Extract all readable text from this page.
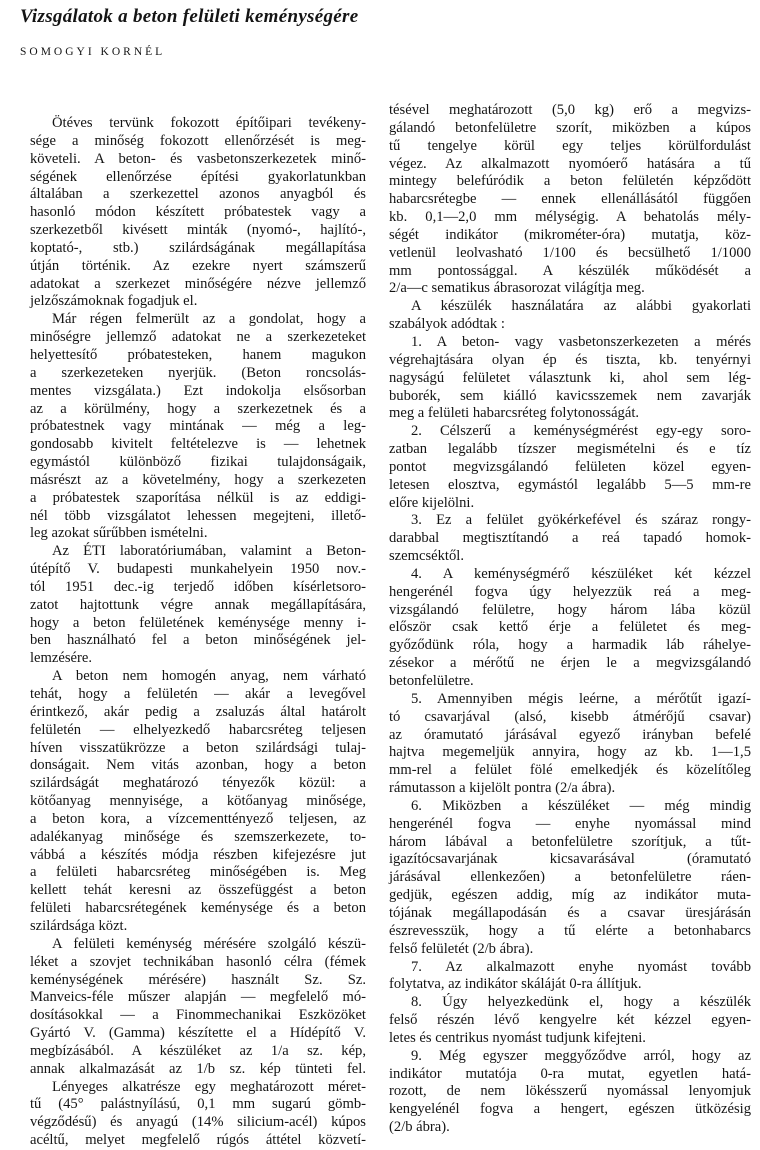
Vizsgálatok a beton felületi keménységére
SOMOGYI KORNÉL
Ötéves tervünk fokozott építőipari tevékeny-
sége a minőség fokozott ellenőrzését is meg-
követeli. A beton- és vasbetonszerkezetek minő-
ségének ellenőrzése építési gyakorlatunkban
általában a szerkezettel azonos anyagból és
hasonló módon készített próbatestek vagy a
szerkezetből kivésett minták (nyomó-, hajlító-,
koptató-, stb.) szilárdságának megállapítása
útján történik. Az ezekre nyert számszerű
adatokat a szerkezet minőségére nézve jellemző
jelzőszámoknak fogadjuk el.
Már régen felmerült az a gondolat, hogy a
minőségre jellemző adatokat ne a szerkezeteket
helyettesítő próbatesteken, hanem magukon
a szerkezeteken nyerjük. (Beton roncsolás-
mentes vizsgálata.) Ezt indokolja elsősorban
az a körülmény, hogy a szerkezetnek és a
próbatestnek vagy mintának — még a leg-
gondosabb kivitelt feltételezve is — lehetnek
egymástól különböző fizikai tulajdonságaik,
másrészt az a követelmény, hogy a szerkezeten
a próbatestek szaporítása nélkül is az eddigi-
nél több vizsgálatot lehessen megejteni, illető-
leg azokat sűrűbben ismételni.
Az ÉTI laboratóriumában, valamint a Beton-
útépítő V. budapesti munkahelyein 1950 nov.-
tól 1951 dec.-ig terjedő időben kísérletsoro-
zatot hajtottunk végre annak megállapítására,
hogy a beton felületének keménysége menny i-
ben használható fel a beton minőségének jel-
lemzésére.
A beton nem homogén anyag, nem várható
tehát, hogy a felületén — akár a levegővel
érintkező, akár pedig a zsaluzás által határolt
felületén — elhelyezkedő habarcsréteg teljesen
híven visszatükrözze a beton szilárdsági tulaj-
donságait. Nem vitás azonban, hogy a beton
szilárdságát meghatározó tényezők közül: a
kötőanyag mennyisége, a kötőanyag minősége,
a beton kora, a vízcementtényező teljesen, az
adalékanyag minősége és szemszerkezete, to-
vábbá a készítés módja részben kifejezésre jut
a felületi habarcsréteg minőségében is. Meg
kellett tehát keresni az összefüggést a beton
felületi habarcsrétegének keménysége és a beton
szilárdsága közt.
A felületi keménység mérésére szolgáló készü-
léket a szovjet technikában hasonló célra (fémek
keménységének mérésére) használt Sz. Sz.
Manveics-féle műszer alapján — megfelelő mó-
dosításokkal — a Finommechanikai Eszközöket
Gyártó V. (Gamma) készítette el a Hídépítő V.
megbízásából. A készüléket az 1/a sz. kép,
annak alkalmazását az 1/b sz. kép tünteti fel.
Lényeges alkatrésze egy meghatározott méret-
tű (45° palástnyílású, 0,1 mm sugarú gömb-
végződésű) és anyagú (14% silicium-acél) kúpos
acéltű, melyet megfelelő rúgós áttétel közvetí-
tésével meghatározott (5,0 kg) erő a megvizs-
gálandó betonfelületre szorít, miközben a kúpos
tű tengelye körül egy teljes körülfordulást
végez. Az alkalmazott nyomóerő hatására a tű
mintegy belefúródik a beton felületén képződött
habarcsrétegbe — ennek ellenállásától függően
kb. 0,1—2,0 mm mélységig. A behatolás mély-
ségét indikátor (mikrométer-óra) mutatja, köz-
vetlenül leolvasható 1/100 és becsülhető 1/1000
mm pontossággal. A készülék működését a
2/a—c sematikus ábrasorozat világítja meg.
A készülék használatára az alábbi gyakorlati
szabályok adódtak :
1. A beton- vagy vasbetonszerkezeten a mérés
végrehajtására olyan ép és tiszta, kb. tenyérnyi
nagyságú felületet választunk ki, ahol sem lég-
buborék, sem kiálló kavicsszemek nem zavarják
meg a felületi habarcsréteg folytonosságát.
2. Célszerű a keménységmérést egy-egy soro-
zatban legalább tízszer megismételni és e tíz
pontot megvizsgálandó felületen közel egyen-
letesen elosztva, egymástól legalább 5—5 mm-re
előre kijelölni.
3. Ez a felület gyökérkefével és száraz rongy-
darabbal megtisztítandó a reá tapadó homok-
szemcséktől.
4. A keménységmérő készüléket két kézzel
hengerénél fogva úgy helyezzük reá a meg-
vizsgálandó felületre, hogy három lába közül
először csak kettő érje a felületet és meg-
győződünk róla, hogy a harmadik láb ráhelye-
zésekor a mérőtű ne érjen le a megvizsgálandó
betonfelületre.
5. Amennyiben mégis leérne, a mérőtűt igazí-
tó csavarjával (alsó, kisebb átmérőjű csavar)
az óramutató járásával egyező irányban befelé
hajtva megemeljük annyira, hogy az kb. 1—1,5
mm-rel a felület fölé emelkedjék és közelítőleg
rámutasson a kijelölt pontra (2/a ábra).
6. Miközben a készüléket — még mindig
hengerénél fogva — enyhe nyomással mind
három lábával a betonfelületre szorítjuk, a tűt-
igazítócsavarjának kicsavarásával (óramutató
járásával ellenkezően) a betonfelületre ráen-
gedjük, egészen addig, míg az indikátor muta-
tójának megállapodásán és a csavar üresjárásán
észrevesszük, hogy a tű elérte a betonhabarcs
felső felületét (2/b ábra).
7. Az alkalmazott enyhe nyomást tovább
folytatva, az indikátor skáláját 0-ra állítjuk.
8. Úgy helyezkedünk el, hogy a készülék
felső részén lévő kengyelre két kézzel egyen-
letes és centrikus nyomást tudjunk kifejteni.
9. Még egyszer meggyőződve arról, hogy az
indikátor mutatója 0-ra mutat, egyetlen hatá-
rozott, de nem lökésszerű nyomással lenyomjuk
kengyelénél fogva a hengert, egészen ütközésig
(2/b ábra).
